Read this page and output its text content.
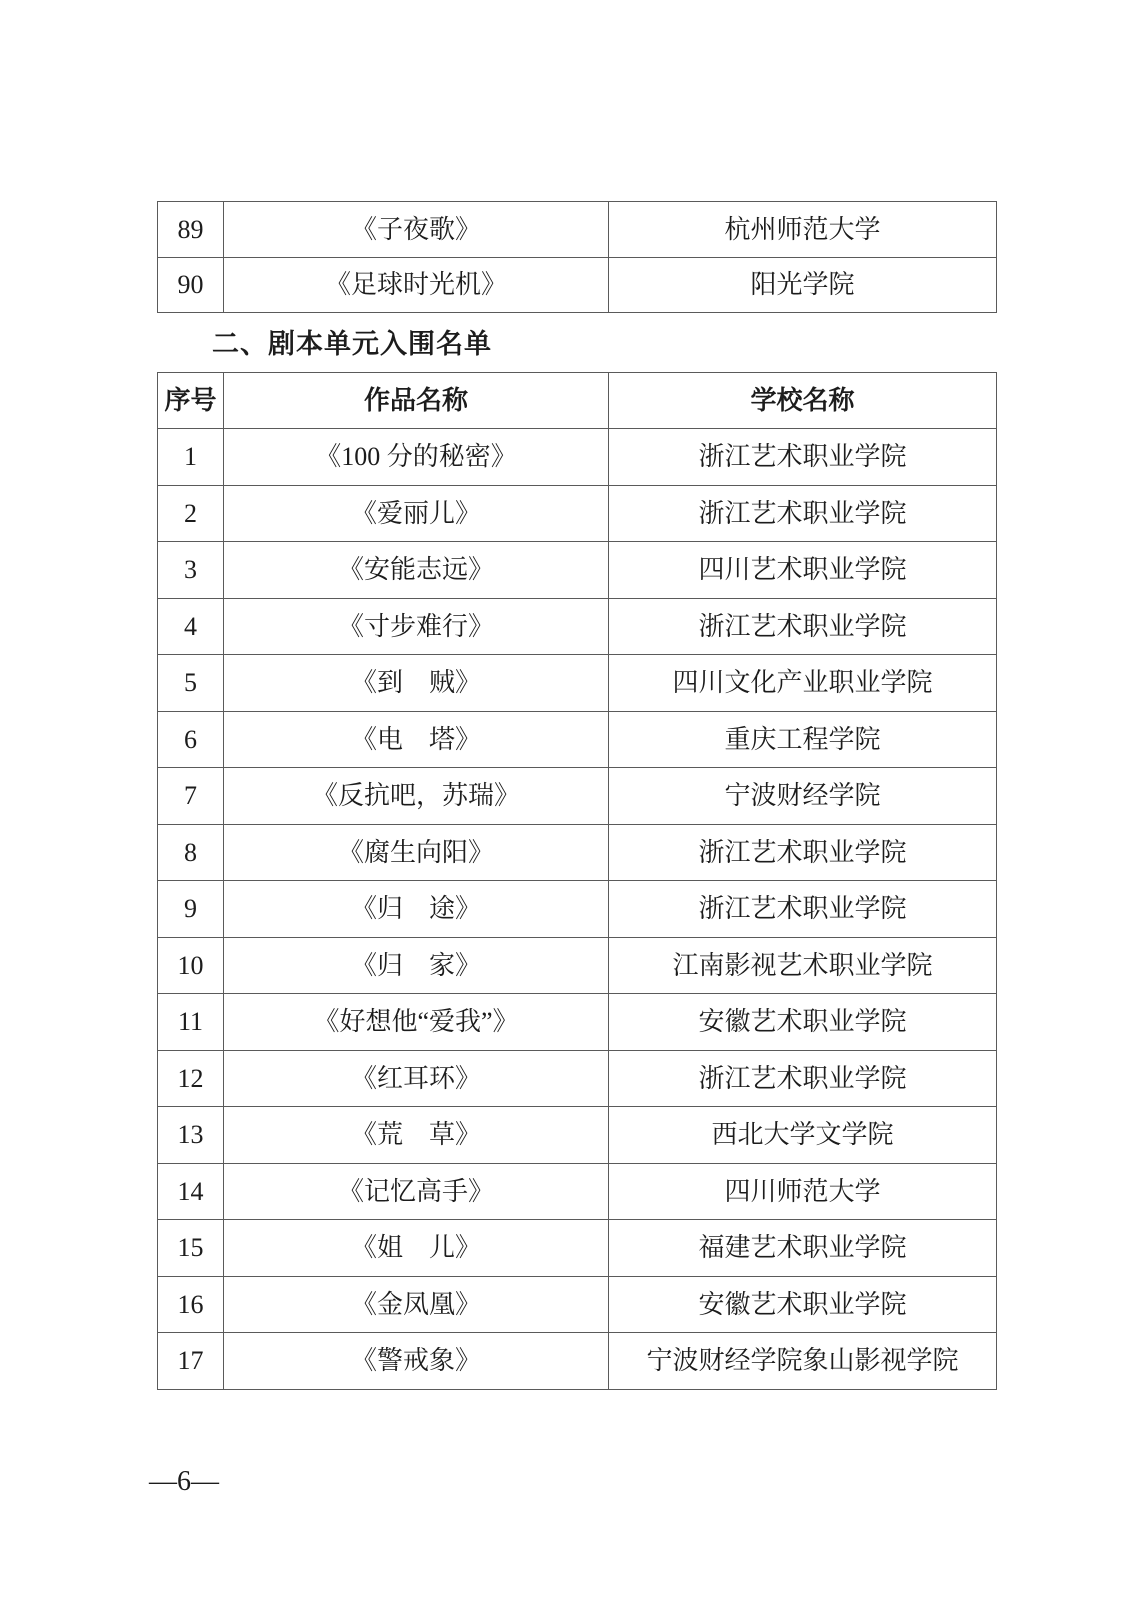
89	《子夜歌》	杭州师范大学
90	《足球时光机》	阳光学院
二、剧本单元入围名单
序号	作品名称	学校名称
1	《100 分的秘密》	浙江艺术职业学院
2	《爱丽儿》	浙江艺术职业学院
3	《安能志远》	四川艺术职业学院
4	《寸步难行》	浙江艺术职业学院
5	《到　贼》	四川文化产业职业学院
6	《电　塔》	重庆工程学院
7	《反抗吧，苏瑞》	宁波财经学院
8	《腐生向阳》	浙江艺术职业学院
9	《归　途》	浙江艺术职业学院
10	《归　家》	江南影视艺术职业学院
11	《好想他“爱我”》	安徽艺术职业学院
12	《红耳环》	浙江艺术职业学院
13	《荒　草》	西北大学文学院
14	《记忆高手》	四川师范大学
15	《姐　儿》	福建艺术职业学院
16	《金凤凰》	安徽艺术职业学院
17	《警戒象》	宁波财经学院象山影视学院
—6—
